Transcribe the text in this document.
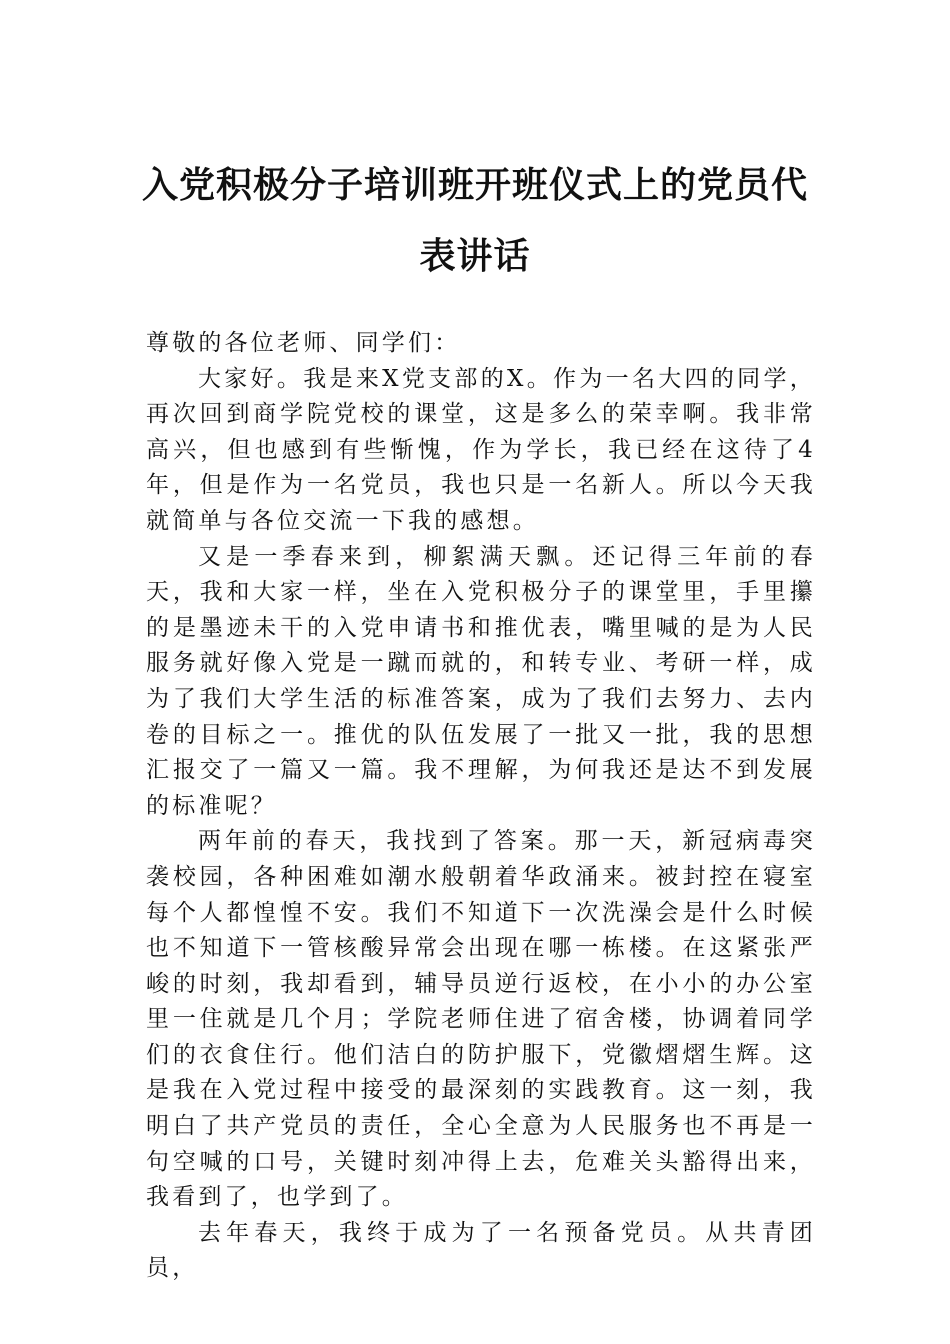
入党积极分子培训班开班仪式上的党员代
表讲话

尊敬的各位老师、同学们：

大家好。我是来X党支部的X。作为一名大四的同学，再次回到商学院党校的课堂，这是多么的荣幸啊。我非常高兴，但也感到有些惭愧，作为学长，我已经在这待了4年，但是作为一名党员，我也只是一名新人。所以今天我就简单与各位交流一下我的感想。

又是一季春来到，柳絮满天飘。还记得三年前的春天，我和大家一样，坐在入党积极分子的课堂里，手里攥的是墨迹未干的入党申请书和推优表，嘴里喊的是为人民服务就好像入党是一蹴而就的，和转专业、考研一样，成为了我们大学生活的标准答案，成为了我们去努力、去内卷的目标之一。推优的队伍发展了一批又一批，我的思想汇报交了一篇又一篇。我不理解，为何我还是达不到发展的标准呢？

两年前的春天，我找到了答案。那一天，新冠病毒突袭校园，各种困难如潮水般朝着华政涌来。被封控在寝室每个人都惶惶不安。我们不知道下一次洗澡会是什么时候也不知道下一管核酸异常会出现在哪一栋楼。在这紧张严峻的时刻，我却看到，辅导员逆行返校，在小小的办公室里一住就是几个月；学院老师住进了宿舍楼，协调着同学们的衣食住行。他们洁白的防护服下，党徽熠熠生辉。这是我在入党过程中接受的最深刻的实践教育。这一刻，我明白了共产党员的责任，全心全意为人民服务也不再是一句空喊的口号，关键时刻冲得上去，危难关头豁得出来，我看到了，也学到了。

去年春天，我终于成为了一名预备党员。从共青团员，
